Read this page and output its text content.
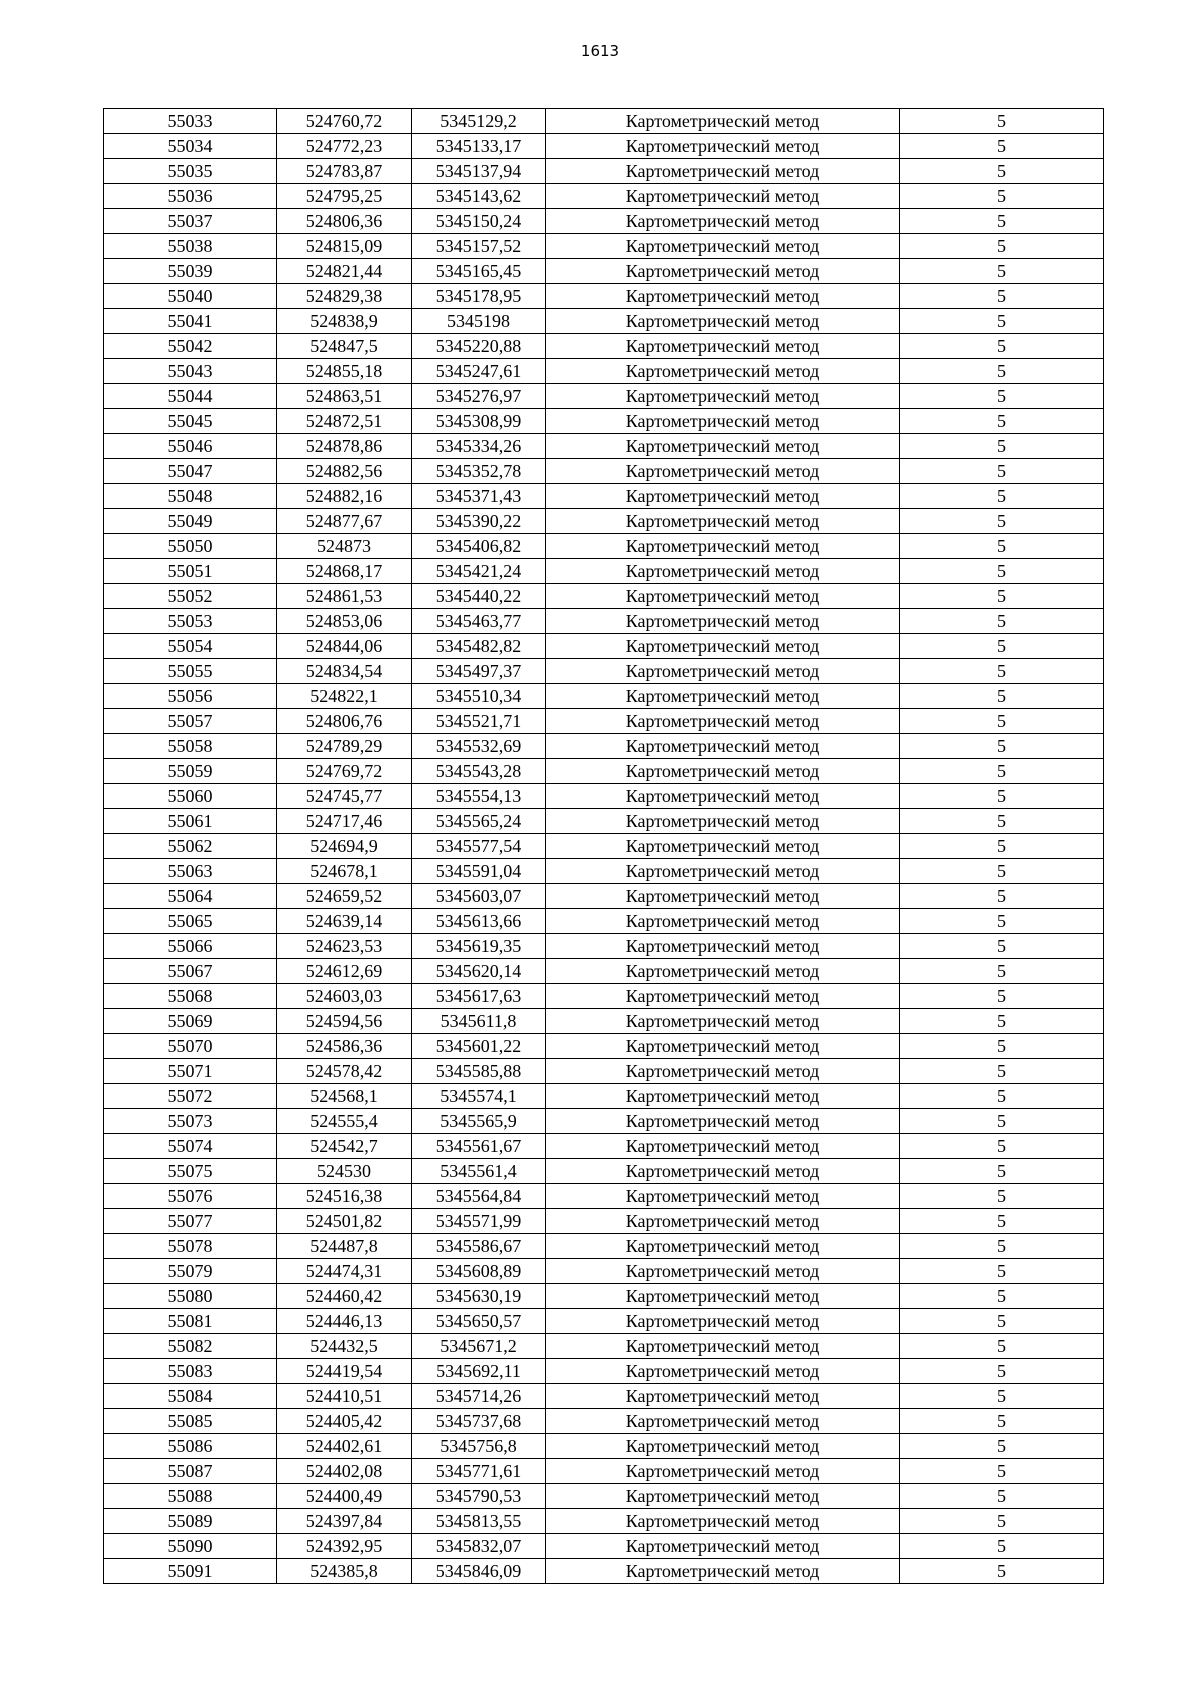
1613
55033	524760,72	5345129,2	Картометрический метод	5
55034	524772,23	5345133,17	Картометрический метод	5
55035	524783,87	5345137,94	Картометрический метод	5
55036	524795,25	5345143,62	Картометрический метод	5
55037	524806,36	5345150,24	Картометрический метод	5
55038	524815,09	5345157,52	Картометрический метод	5
55039	524821,44	5345165,45	Картометрический метод	5
55040	524829,38	5345178,95	Картометрический метод	5
55041	524838,9	5345198	Картометрический метод	5
55042	524847,5	5345220,88	Картометрический метод	5
55043	524855,18	5345247,61	Картометрический метод	5
55044	524863,51	5345276,97	Картометрический метод	5
55045	524872,51	5345308,99	Картометрический метод	5
55046	524878,86	5345334,26	Картометрический метод	5
55047	524882,56	5345352,78	Картометрический метод	5
55048	524882,16	5345371,43	Картометрический метод	5
55049	524877,67	5345390,22	Картометрический метод	5
55050	524873	5345406,82	Картометрический метод	5
55051	524868,17	5345421,24	Картометрический метод	5
55052	524861,53	5345440,22	Картометрический метод	5
55053	524853,06	5345463,77	Картометрический метод	5
55054	524844,06	5345482,82	Картометрический метод	5
55055	524834,54	5345497,37	Картометрический метод	5
55056	524822,1	5345510,34	Картометрический метод	5
55057	524806,76	5345521,71	Картометрический метод	5
55058	524789,29	5345532,69	Картометрический метод	5
55059	524769,72	5345543,28	Картометрический метод	5
55060	524745,77	5345554,13	Картометрический метод	5
55061	524717,46	5345565,24	Картометрический метод	5
55062	524694,9	5345577,54	Картометрический метод	5
55063	524678,1	5345591,04	Картометрический метод	5
55064	524659,52	5345603,07	Картометрический метод	5
55065	524639,14	5345613,66	Картометрический метод	5
55066	524623,53	5345619,35	Картометрический метод	5
55067	524612,69	5345620,14	Картометрический метод	5
55068	524603,03	5345617,63	Картометрический метод	5
55069	524594,56	5345611,8	Картометрический метод	5
55070	524586,36	5345601,22	Картометрический метод	5
55071	524578,42	5345585,88	Картометрический метод	5
55072	524568,1	5345574,1	Картометрический метод	5
55073	524555,4	5345565,9	Картометрический метод	5
55074	524542,7	5345561,67	Картометрический метод	5
55075	524530	5345561,4	Картометрический метод	5
55076	524516,38	5345564,84	Картометрический метод	5
55077	524501,82	5345571,99	Картометрический метод	5
55078	524487,8	5345586,67	Картометрический метод	5
55079	524474,31	5345608,89	Картометрический метод	5
55080	524460,42	5345630,19	Картометрический метод	5
55081	524446,13	5345650,57	Картометрический метод	5
55082	524432,5	5345671,2	Картометрический метод	5
55083	524419,54	5345692,11	Картометрический метод	5
55084	524410,51	5345714,26	Картометрический метод	5
55085	524405,42	5345737,68	Картометрический метод	5
55086	524402,61	5345756,8	Картометрический метод	5
55087	524402,08	5345771,61	Картометрический метод	5
55088	524400,49	5345790,53	Картометрический метод	5
55089	524397,84	5345813,55	Картометрический метод	5
55090	524392,95	5345832,07	Картометрический метод	5
55091	524385,8	5345846,09	Картометрический метод	5
